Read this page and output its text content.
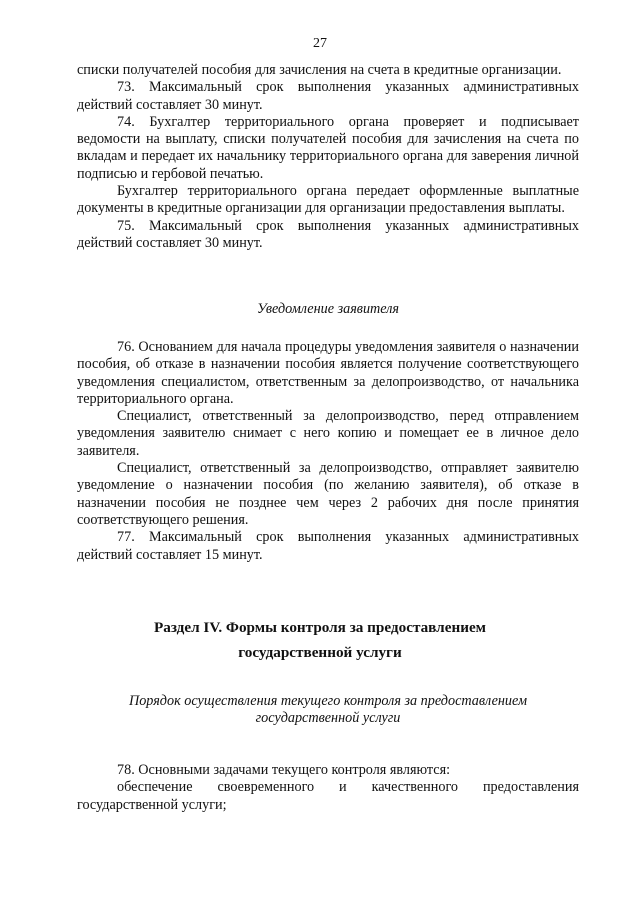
27

списки получателей пособия для зачисления на счета в кредитные организации.

73. Максимальный срок выполнения указанных административных действий составляет 30 минут.

74. Бухгалтер территориального органа проверяет и подписывает ведомости на выплату, списки получателей пособия для зачисления на счета по вкладам и передает их начальнику территориального органа для заверения личной подписью и гербовой печатью.

Бухгалтер территориального органа передает оформленные выплатные документы в кредитные организации для организации предоставления выплаты.

75. Максимальный срок выполнения указанных административных действий составляет 30 минут.

Уведомление заявителя

76. Основанием для начала процедуры уведомления заявителя о назначении пособия, об отказе в назначении пособия является получение соответствующего уведомления специалистом, ответственным за делопроизводство, от начальника территориального органа.

Специалист, ответственный за делопроизводство, перед отправлением уведомления заявителю снимает с него копию и помещает ее в личное дело заявителя.

Специалист, ответственный за делопроизводство, отправляет заявителю уведомление о назначении пособия (по желанию заявителя), об отказе в назначении пособия не позднее чем через 2 рабочих дня после принятия соответствующего решения.

77. Максимальный срок выполнения указанных административных действий составляет 15 минут.

Раздел IV. Формы контроля за предоставлением
государственной услуги
Порядок осуществления текущего контроля за предоставлением
государственной услуги

78. Основными задачами текущего контроля являются:

обеспечение своевременного и качественного предоставления государственной услуги;
